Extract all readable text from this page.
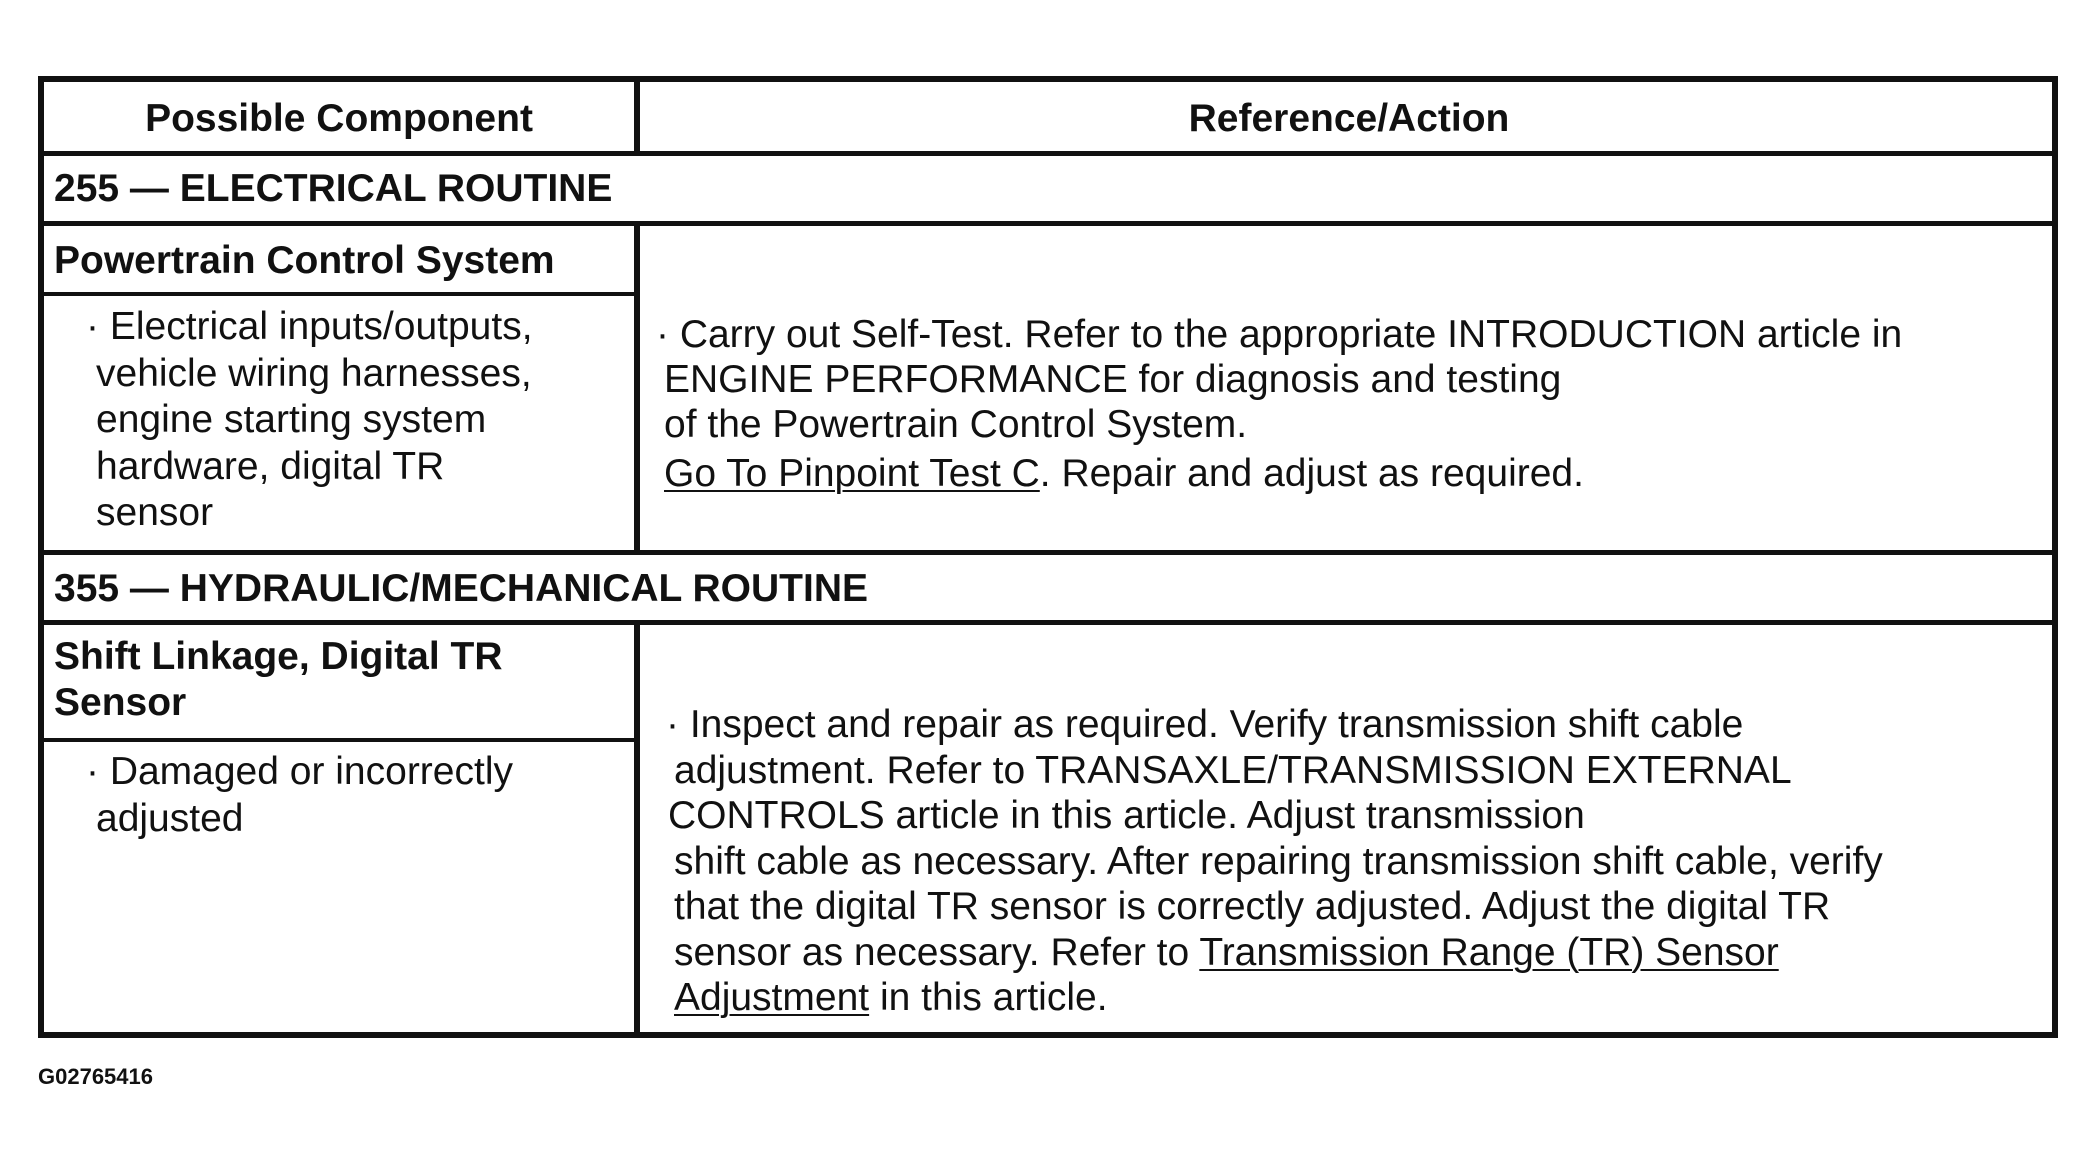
Possible Component	Reference/Action
255 — ELECTRICAL ROUTINE
Powertrain Control System
· Electrical inputs/outputs,
vehicle wiring harnesses,
engine starting system
hardware, digital TR
sensor
· Carry out Self-Test. Refer to the appropriate INTRODUCTION article in
ENGINE PERFORMANCE for diagnosis and testing
of the Powertrain Control System.
Go To Pinpoint Test C. Repair and adjust as required.
355 — HYDRAULIC/MECHANICAL ROUTINE
Shift Linkage, Digital TR
Sensor
· Damaged or incorrectly
adjusted
· Inspect and repair as required. Verify transmission shift cable
adjustment. Refer to TRANSAXLE/TRANSMISSION EXTERNAL
CONTROLS article in this article. Adjust transmission
shift cable as necessary. After repairing transmission shift cable, verify
that the digital TR sensor is correctly adjusted. Adjust the digital TR
sensor as necessary. Refer to Transmission Range (TR) Sensor
Adjustment in this article.
G02765416
